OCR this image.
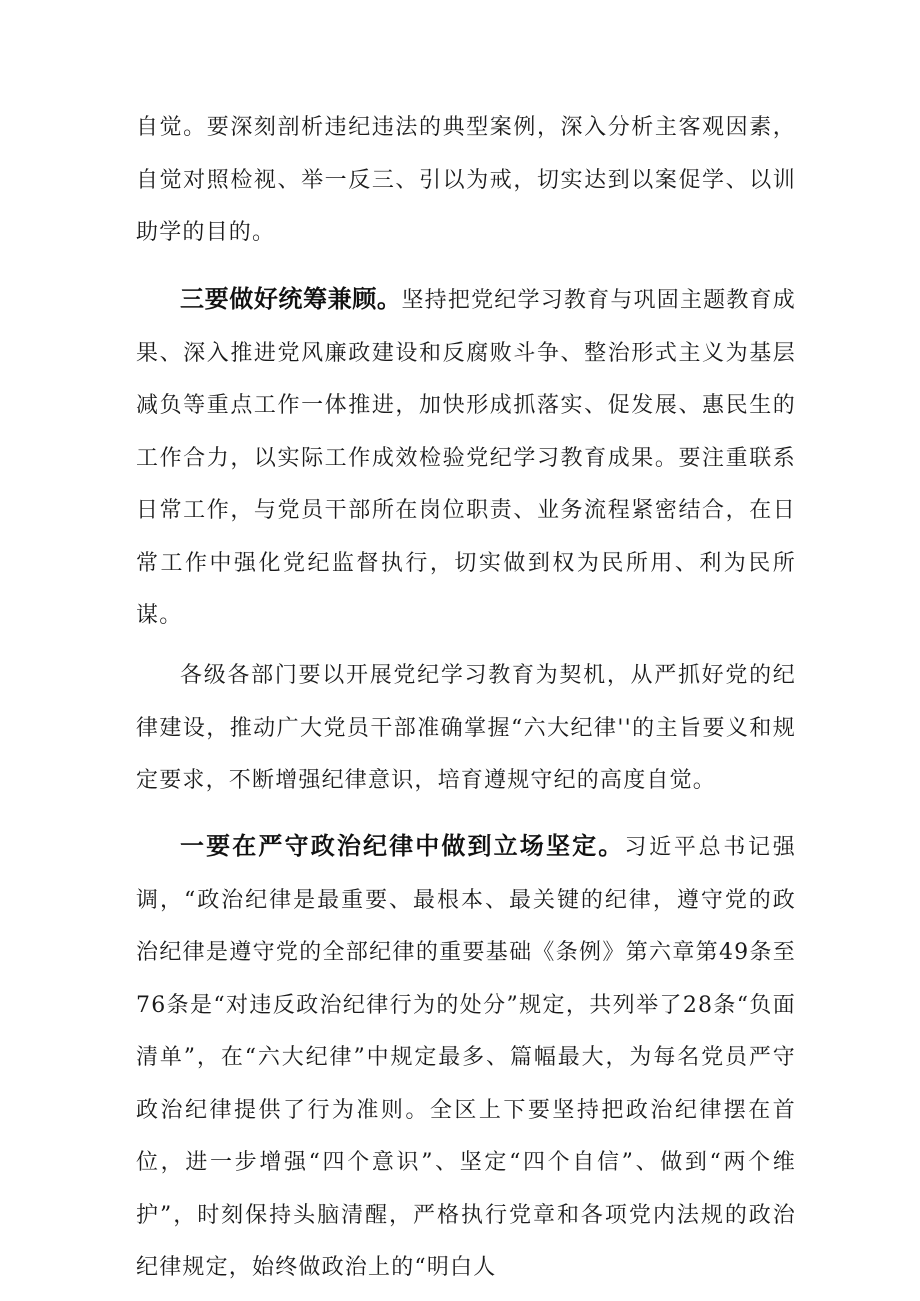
自觉。要深刻剖析违纪违法的典型案例，深入分析主客观因素，自觉对照检视、举一反三、引以为戒，切实达到以案促学、以训助学的目的。

三要做好统筹兼顾。坚持把党纪学习教育与巩固主题教育成果、深入推进党风廉政建设和反腐败斗争、整治形式主义为基层减负等重点工作一体推进，加快形成抓落实、促发展、惠民生的工作合力，以实际工作成效检验党纪学习教育成果。要注重联系日常工作，与党员干部所在岗位职责、业务流程紧密结合，在日常工作中强化党纪监督执行，切实做到权为民所用、利为民所谋。

各级各部门要以开展党纪学习教育为契机，从严抓好党的纪律建设，推动广大党员干部准确掌握“六大纪律''的主旨要义和规定要求，不断增强纪律意识，培育遵规守纪的高度自觉。

一要在严守政治纪律中做到立场坚定。习近平总书记强调，“政治纪律是最重要、最根本、最关键的纪律，遵守党的政治纪律是遵守党的全部纪律的重要基础《条例》第六章第49条至76条是“对违反政治纪律行为的处分”规定，共列举了28条“负面清单”，在“六大纪律”中规定最多、篇幅最大，为每名党员严守政治纪律提供了行为准则。全区上下要坚持把政治纪律摆在首位，进一步增强“四个意识”、坚定“四个自信”、做到“两个维护”，时刻保持头脑清醒，严格执行党章和各项党内法规的政治纪律规定，始终做政治上的“明白人
